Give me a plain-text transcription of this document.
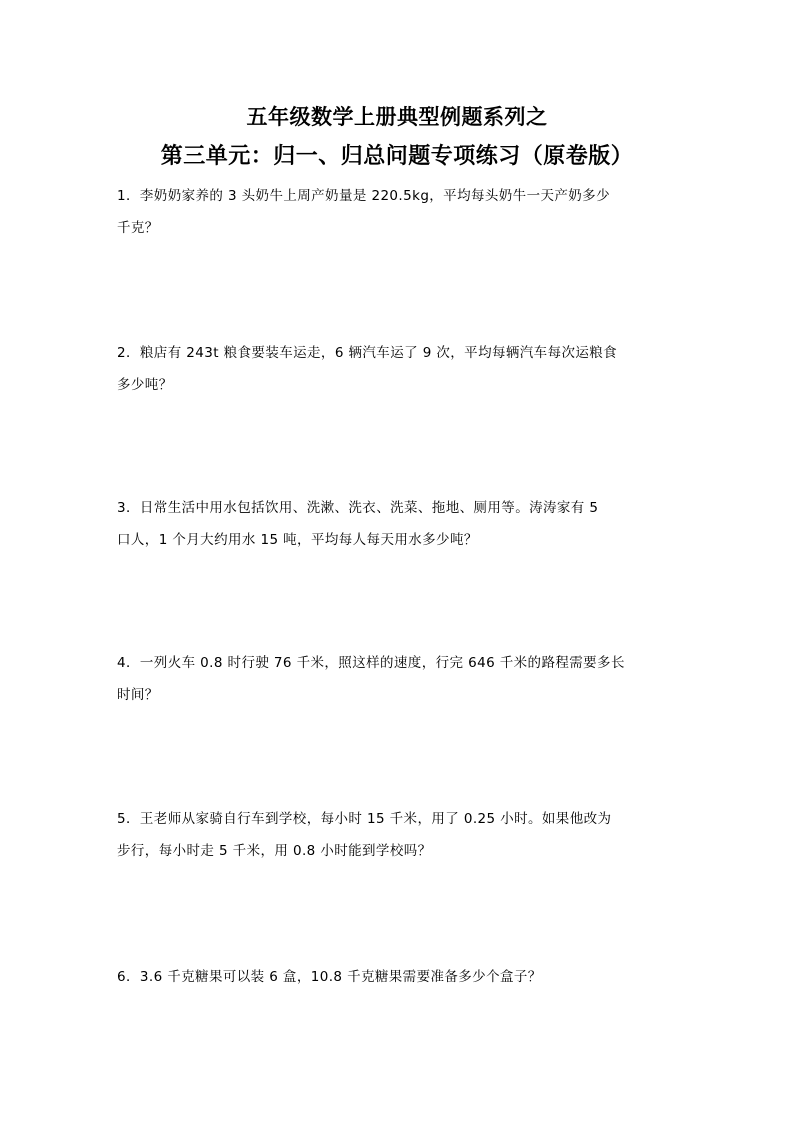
五年级数学上册典型例题系列之
第三单元：归一、归总问题专项练习（原卷版）
1．李奶奶家养的 3 头奶牛上周产奶量是 220.5kg，平均每头奶牛一天产奶多少
千克？
2．粮店有 243t 粮食要装车运走，6 辆汽车运了 9 次，平均每辆汽车每次运粮食
多少吨？
3．日常生活中用水包括饮用、洗漱、洗衣、洗菜、拖地、厕用等。涛涛家有 5
口人，1 个月大约用水 15 吨，平均每人每天用水多少吨？
4．一列火车 0.8 时行驶 76 千米，照这样的速度，行完 646 千米的路程需要多长
时间？
5．王老师从家骑自行车到学校，每小时 15 千米，用了 0.25 小时。如果他改为
步行，每小时走 5 千米，用 0.8 小时能到学校吗？
6．3.6 千克糖果可以装 6 盒，10.8 千克糖果需要准备多少个盒子？
